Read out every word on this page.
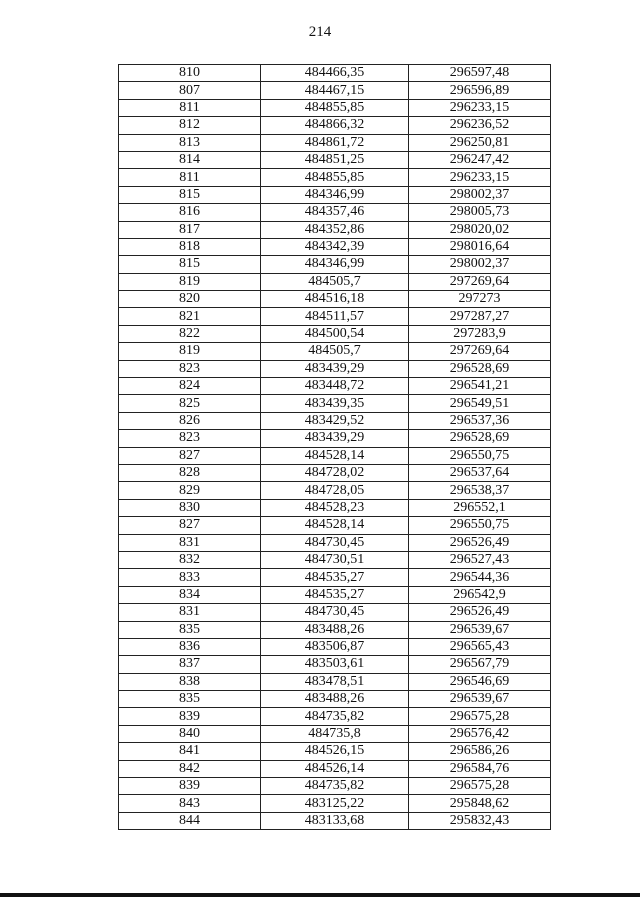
214
810	484466,35	296597,48
807	484467,15	296596,89
811	484855,85	296233,15
812	484866,32	296236,52
813	484861,72	296250,81
814	484851,25	296247,42
811	484855,85	296233,15
815	484346,99	298002,37
816	484357,46	298005,73
817	484352,86	298020,02
818	484342,39	298016,64
815	484346,99	298002,37
819	484505,7	297269,64
820	484516,18	297273
821	484511,57	297287,27
822	484500,54	297283,9
819	484505,7	297269,64
823	483439,29	296528,69
824	483448,72	296541,21
825	483439,35	296549,51
826	483429,52	296537,36
823	483439,29	296528,69
827	484528,14	296550,75
828	484728,02	296537,64
829	484728,05	296538,37
830	484528,23	296552,1
827	484528,14	296550,75
831	484730,45	296526,49
832	484730,51	296527,43
833	484535,27	296544,36
834	484535,27	296542,9
831	484730,45	296526,49
835	483488,26	296539,67
836	483506,87	296565,43
837	483503,61	296567,79
838	483478,51	296546,69
835	483488,26	296539,67
839	484735,82	296575,28
840	484735,8	296576,42
841	484526,15	296586,26
842	484526,14	296584,76
839	484735,82	296575,28
843	483125,22	295848,62
844	483133,68	295832,43
